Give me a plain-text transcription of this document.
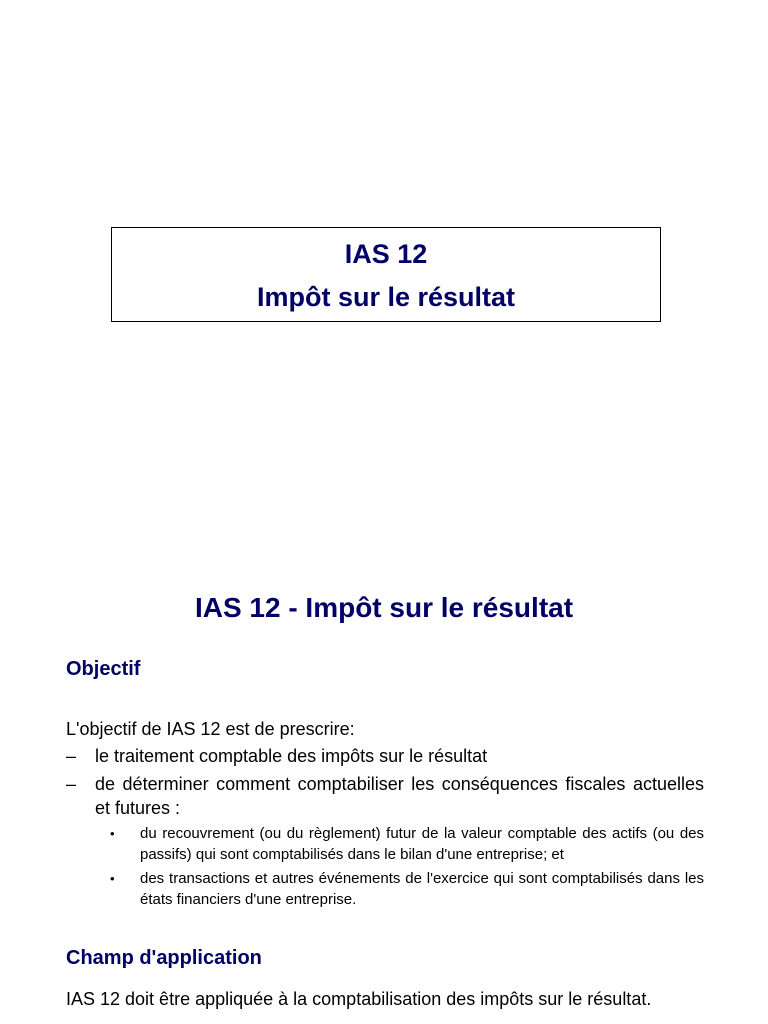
IAS 12
Impôt sur le résultat
IAS 12 - Impôt sur le résultat
Objectif
L'objectif de IAS 12 est de prescrire:
–	le traitement comptable des impôts sur le résultat
–	de déterminer comment comptabiliser les conséquences fiscales actuelles et futures :
•	du recouvrement (ou du règlement) futur de la valeur comptable des actifs (ou des passifs) qui sont comptabilisés dans le bilan d'une entreprise; et
•	des transactions et autres événements de l'exercice qui sont comptabilisés dans les états financiers d'une entreprise.
Champ d'application
IAS 12 doit être appliquée à la comptabilisation des impôts sur le résultat.
